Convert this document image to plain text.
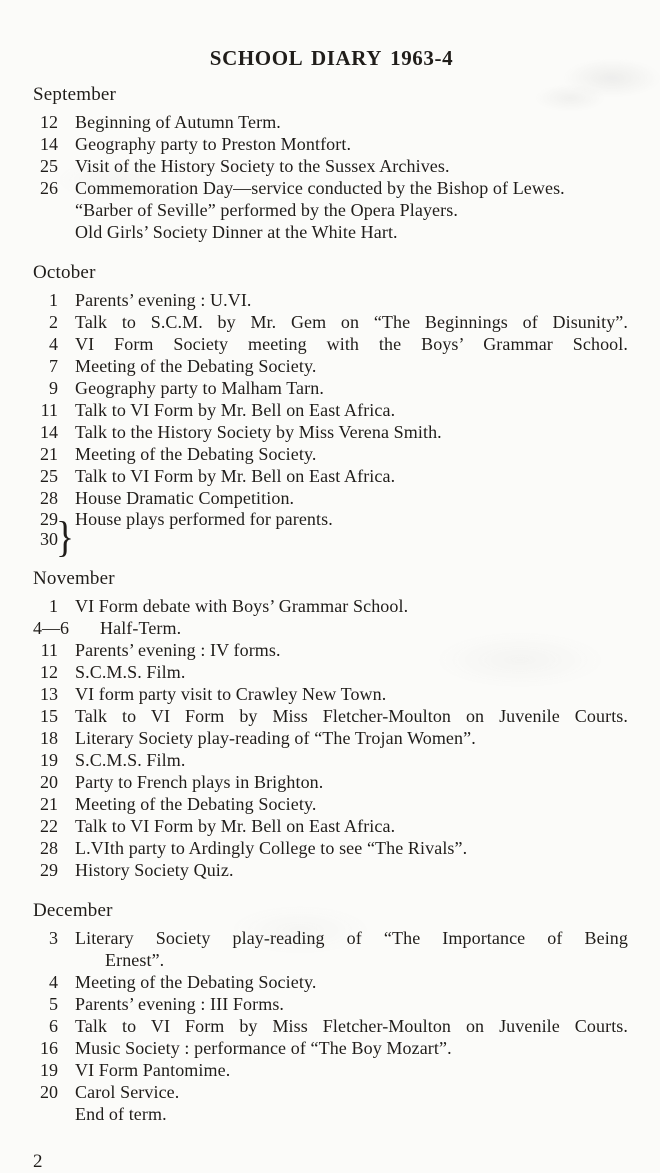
SCHOOL DIARY 1963-4
September
12 Beginning of Autumn Term.
14 Geography party to Preston Montfort.
25 Visit of the History Society to the Sussex Archives.
26 Commemoration Day—service conducted by the Bishop of Lewes.
“Barber of Seville” performed by the Opera Players.
Old Girls’ Society Dinner at the White Hart.
October
1 Parents’ evening : U.VI.
2 Talk to S.C.M. by Mr. Gem on “The Beginnings of Disunity”.
4 VI Form Society meeting with the Boys’ Grammar School.
7 Meeting of the Debating Society.
9 Geography party to Malham Tarn.
11 Talk to VI Form by Mr. Bell on East Africa.
14 Talk to the History Society by Miss Verena Smith.
21 Meeting of the Debating Society.
25 Talk to VI Form by Mr. Bell on East Africa.
28 House Dramatic Competition.
29
} House plays performed for parents.
30
November
1 VI Form debate with Boys’ Grammar School.
4—6	Half-Term.
11 Parents’ evening : IV forms.
12 S.C.M.S. Film.
13 VI form party visit to Crawley New Town.
15 Talk to VI Form by Miss Fletcher-Moulton on Juvenile Courts.
18 Literary Society play-reading of “The Trojan Women”.
19 S.C.M.S. Film.
20 Party to French plays in Brighton.
21 Meeting of the Debating Society.
22 Talk to VI Form by Mr. Bell on East Africa.
28 L.VIth party to Ardingly College to see “The Rivals”.
29 History Society Quiz.
December
3 Literary Society play-reading of “The Importance of Being
Ernest”.
4 Meeting of the Debating Society.
5 Parents’ evening : III Forms.
6 Talk to VI Form by Miss Fletcher-Moulton on Juvenile Courts.
16 Music Society : performance of “The Boy Mozart”.
19 VI Form Pantomime.
20 Carol Service.
End of term.
2
